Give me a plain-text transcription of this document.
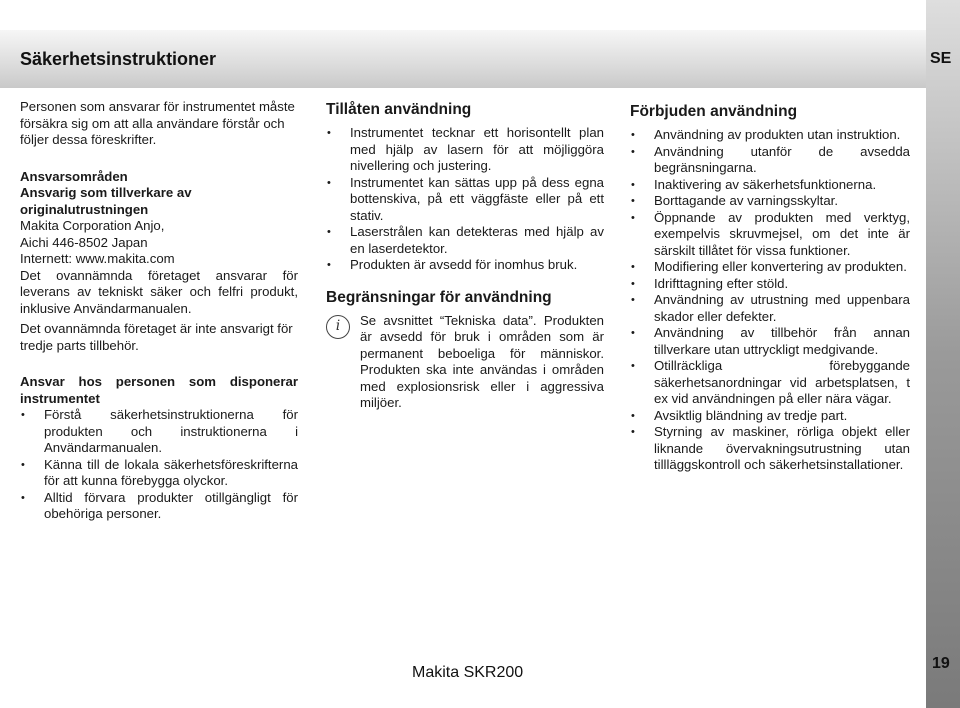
Säkerhetsinstruktioner	SE

Personen som ansvarar för instrumentet måste försäkra sig om att alla användare förstår och följer dessa föreskrifter.

Ansvarsområden

Ansvarig som tillverkare av originalutrustningen

Makita Corporation Anjo,

Aichi 446-8502 Japan

Internett: www.makita.com

Det ovannämnda företaget ansvarar för leverans av tekniskt säker och felfri produkt, inklusive Användarmanualen.

Det ovannämnda företaget är inte ansvarigt för tredje parts tillbehör.

Ansvar hos personen som disponerar instrumentet

• Förstå säkerhetsinstruktionerna för produkten och instruktionerna i Användarmanualen.
• Känna till de lokala säkerhetsföreskrifterna för att kunna förebygga olyckor.
• Alltid förvara produkter otillgängligt för obehöriga personer.

Tillåten användning

• Instrumentet tecknar ett horisontellt plan med hjälp av lasern för att möjliggöra nivellering och justering.
• Instrumentet kan sättas upp på dess egna bottenskiva, på ett väggfäste eller på ett stativ.
• Laserstrålen kan detekteras med hjälp av en laserdetektor.
• Produkten är avsedd för inomhus bruk.

Begränsningar för användning

i	Se avsnittet “Tekniska data”. Produkten är avsedd för bruk i områden som är permanent beboeliga för människor. Produkten ska inte användas i områden med explosionsrisk eller i aggressiva miljöer.

Förbjuden användning

• Användning av produkten utan instruktion.
• Användning utanför de avsedda begränsningarna.
• Inaktivering av säkerhetsfunktionerna.
• Borttagande av varningsskyltar.
• Öppnande av produkten med verktyg, exempelvis skruvmejsel, om det inte är särskilt tillåtet för vissa funktioner.
• Modifiering eller konvertering av produkten.
• Idrifttagning efter stöld.
• Användning av utrustning med uppenbara skador eller defekter.
• Användning av tillbehör från annan tillverkare utan uttryckligt medgivande.
• Otillräckliga förebyggande säkerhetsanordningar vid arbetsplatsen, t ex vid användningen på eller nära vägar.
• Avsiktlig bländning av tredje part.
• Styrning av maskiner, rörliga objekt eller liknande övervakningsutrustning utan tillläggskontroll och säkerhetsinstallationer.
Makita SKR200
19
